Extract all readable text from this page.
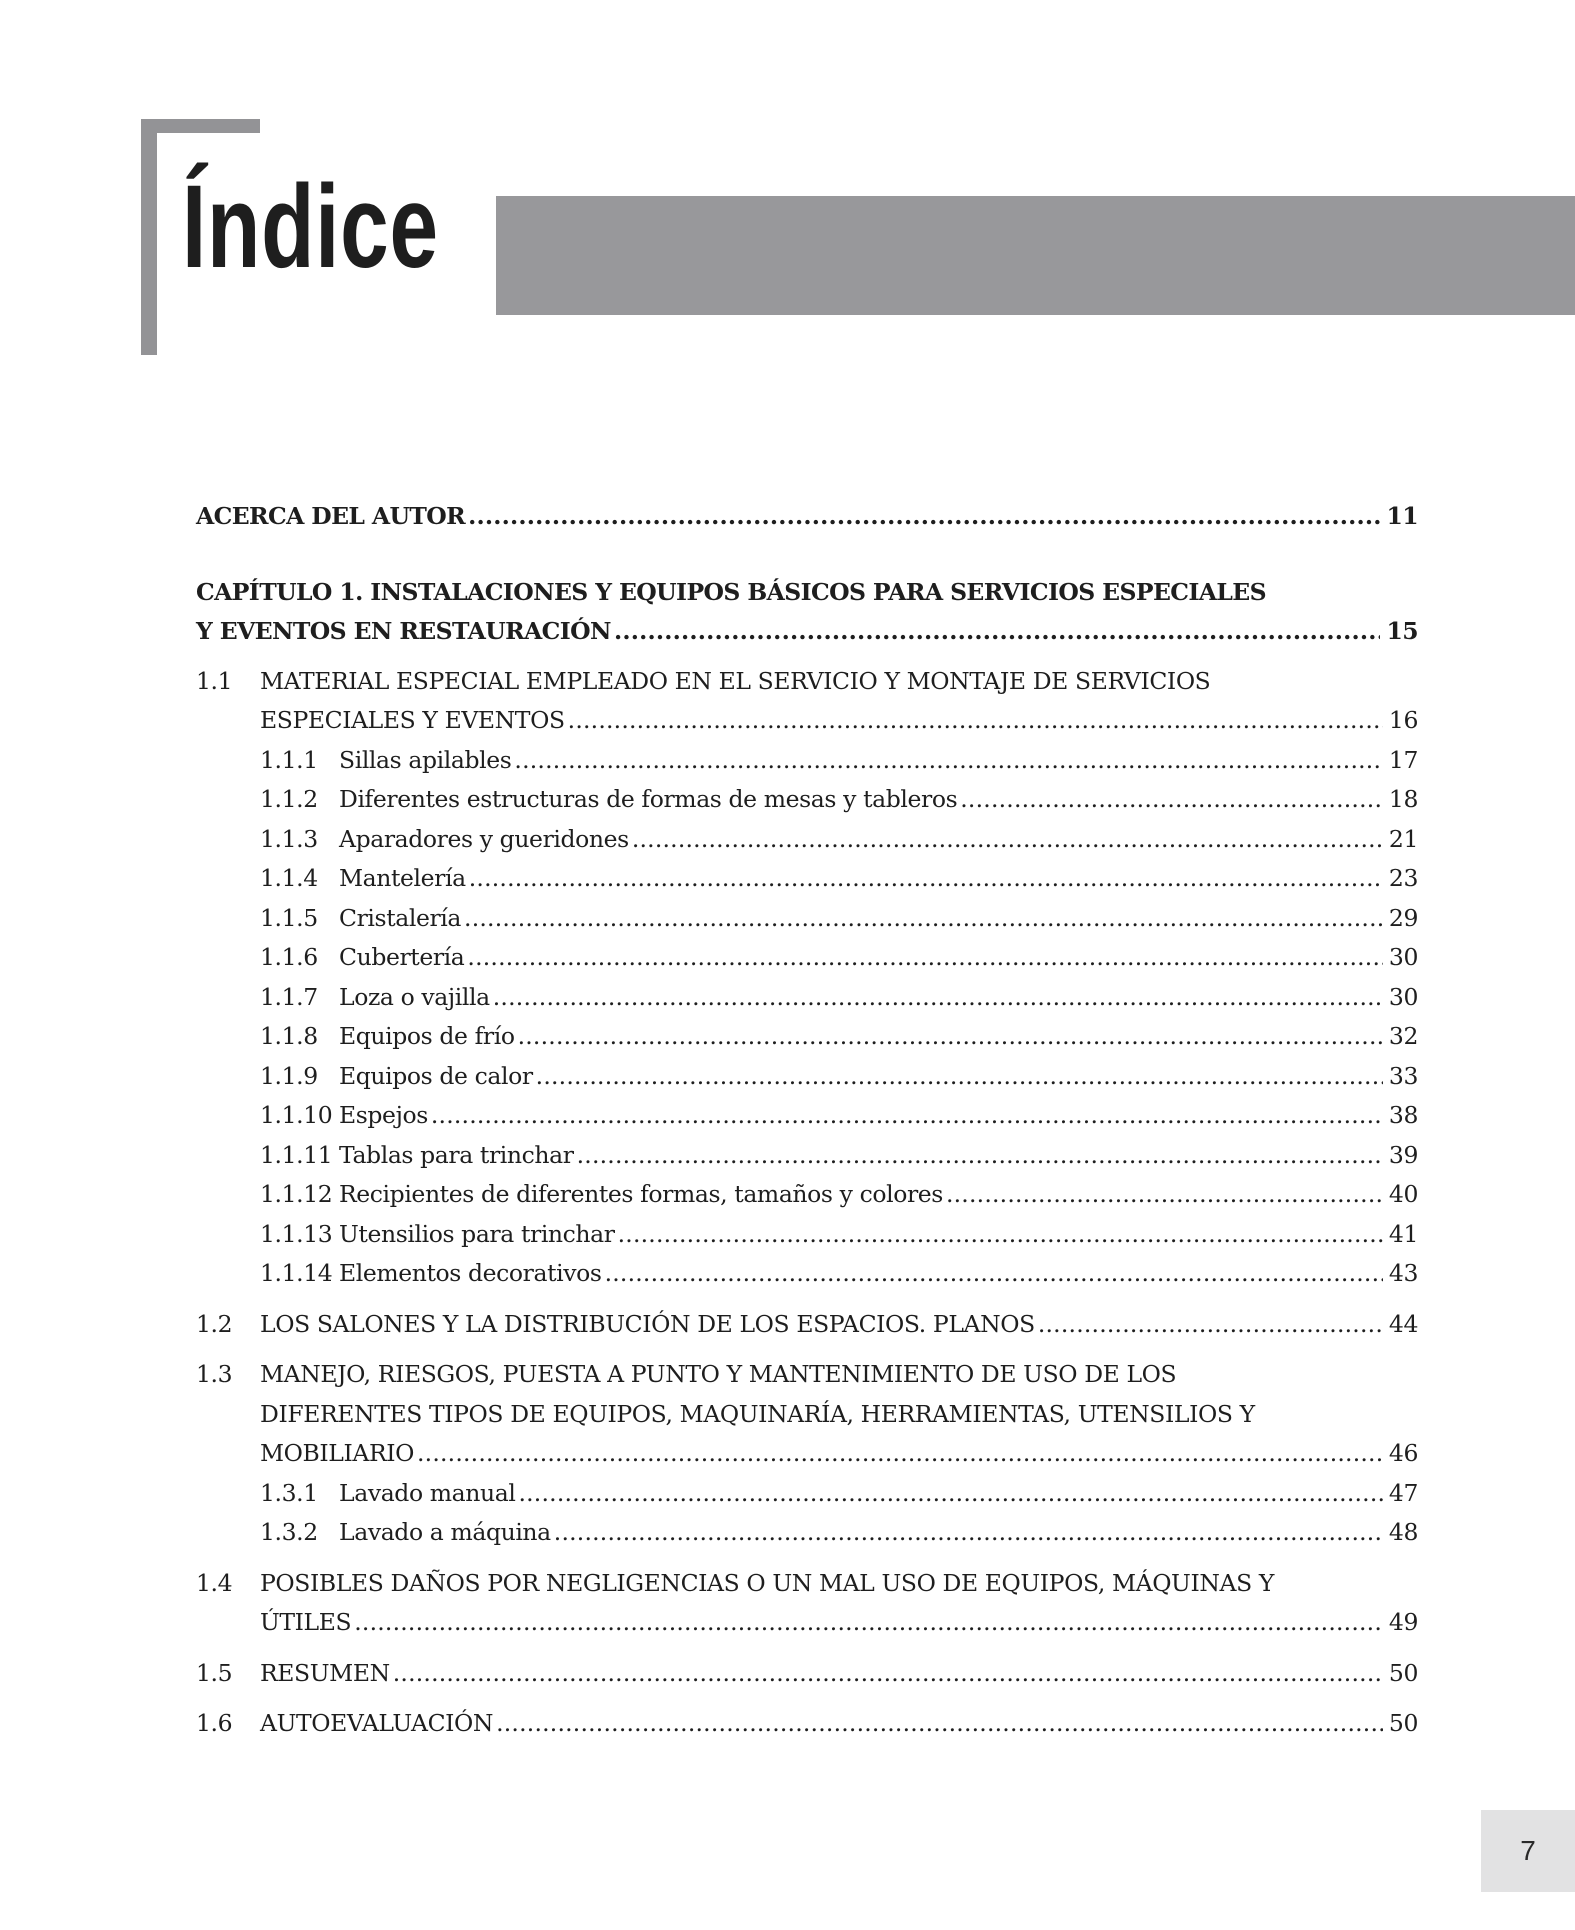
Índice
ACERCA DEL AUTOR .....	11
CAPÍTULO 1. INSTALACIONES Y EQUIPOS BÁSICOS PARA SERVICIOS ESPECIALES
Y EVENTOS EN RESTAURACIÓN .....	15
1.1	MATERIAL ESPECIAL EMPLEADO EN EL SERVICIO Y MONTAJE DE SERVICIOS
ESPECIALES Y EVENTOS .....	16
1.1.1 Sillas apilables .....	17
1.1.2 Diferentes estructuras de formas de mesas y tableros .....	18
1.1.3 Aparadores y gueridones .....	21
1.1.4 Mantelería .....	23
1.1.5 Cristalería .....	29
1.1.6 Cubertería .....	30
1.1.7 Loza o vajilla .....	30
1.1.8 Equipos de frío .....	32
1.1.9 Equipos de calor .....	33
1.1.10 Espejos .....	38
1.1.11 Tablas para trinchar .....	39
1.1.12 Recipientes de diferentes formas, tamaños y colores .....	40
1.1.13 Utensilios para trinchar .....	41
1.1.14 Elementos decorativos .....	43
1.2	LOS SALONES Y LA DISTRIBUCIÓN DE LOS ESPACIOS. PLANOS .....	44
1.3	MANEJO, RIESGOS, PUESTA A PUNTO Y MANTENIMIENTO DE USO DE LOS
DIFERENTES TIPOS DE EQUIPOS, MAQUINARÍA, HERRAMIENTAS, UTENSILIOS Y
MOBILIARIO .....	46
1.3.1 Lavado manual .....	47
1.3.2 Lavado a máquina .....	48
1.4	POSIBLES DAÑOS POR NEGLIGENCIAS O UN MAL USO DE EQUIPOS, MÁQUINAS Y
ÚTILES .....	49
1.5	RESUMEN .....	50
1.6	AUTOEVALUACIÓN .....	50
7
